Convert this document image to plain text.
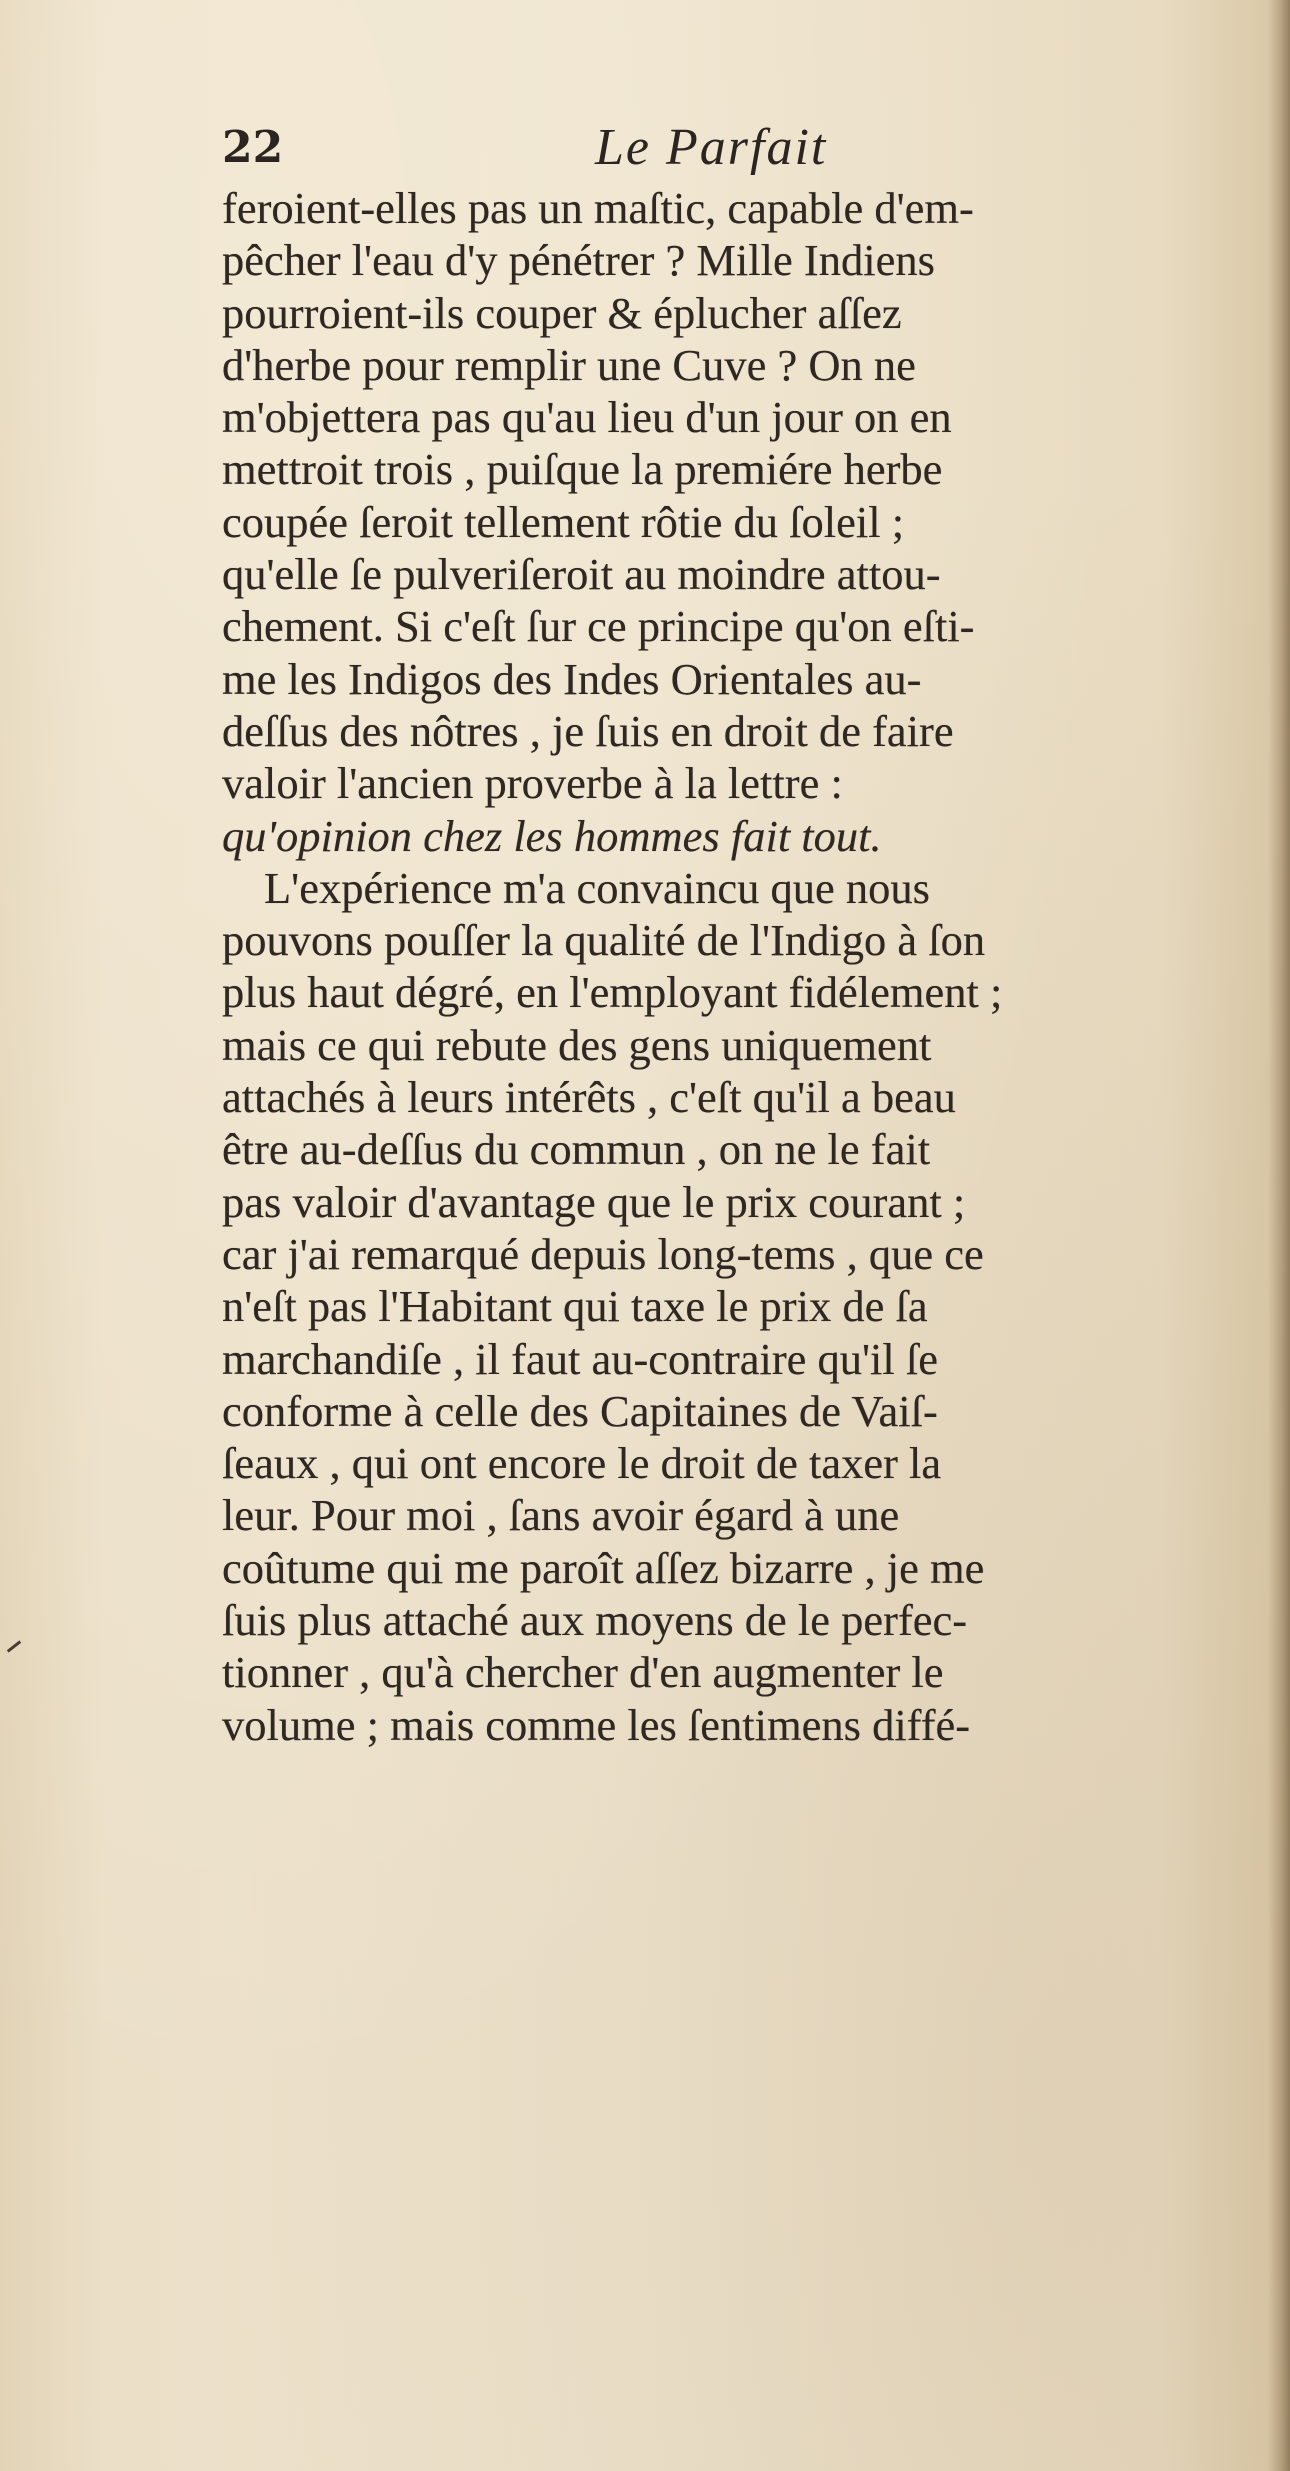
22	Le Parfait
feroient-elles pas un maſtic, capable d'em-
pêcher l'eau d'y pénétrer ? Mille Indiens
pourroient-ils couper & éplucher aſſez
d'herbe pour remplir une Cuve ? On ne
m'objettera pas qu'au lieu d'un jour on en
mettroit trois , puiſque la premiére herbe
coupée ſeroit tellement rôtie du ſoleil ;
qu'elle ſe pulveriſeroit au moindre attou-
chement. Si c'eſt ſur ce principe qu'on eſti-
me les Indigos des Indes Orientales au-
deſſus des nôtres , je ſuis en droit de faire
valoir l'ancien proverbe à la lettre :
qu'opinion chez les hommes fait tout.
L'expérience m'a convaincu que nous
pouvons pouſſer la qualité de l'Indigo à ſon
plus haut dégré, en l'employant fidélement ;
mais ce qui rebute des gens uniquement
attachés à leurs intérêts , c'eſt qu'il a beau
être au-deſſus du commun , on ne le fait
pas valoir d'avantage que le prix courant ;
car j'ai remarqué depuis long-tems , que ce
n'eſt pas l'Habitant qui taxe le prix de ſa
marchandiſe , il faut au-contraire qu'il ſe
conforme à celle des Capitaines de Vaiſ-
ſeaux , qui ont encore le droit de taxer la
leur. Pour moi , ſans avoir égard à une
coûtume qui me paroît aſſez bizarre , je me
ſuis plus attaché aux moyens de le perfec-
tionner , qu'à chercher d'en augmenter le
volume ; mais comme les ſentimens diffé-
